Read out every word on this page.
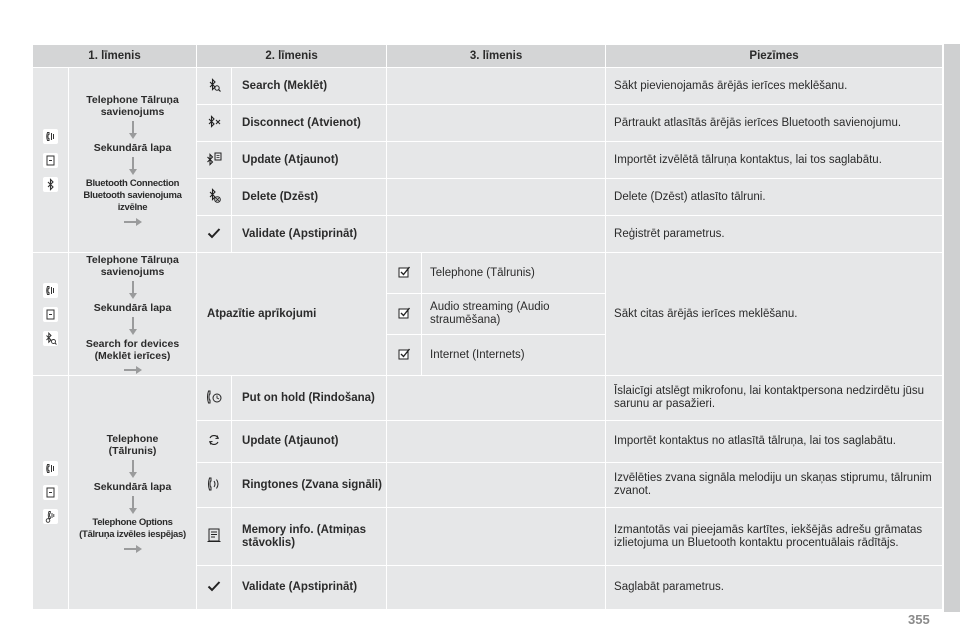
1. līmenis		2. līmenis		3. līmenis		Piezīmes

Telephone Tālruņa savienojums
Sekundārā lapa
Bluetooth Connection
Bluetooth savienojuma izvēlne		Search (Meklēt)			Sākt pievienojamās ārējās ierīces meklēšanu.
	Disconnect (Atvienot)			Pārtraukt atlasītās ārējās ierīces Bluetooth savienojumu.
	Update (Atjaunot)			Importēt izvēlētā tālruņa kontaktus, lai tos saglabātu.
	Delete (Dzēst)			Delete (Dzēst) atlasīto tālruni.
	Validate (Apstiprināt)			Reģistrēt parametrus.

Telephone Tālruņa savienojums
Sekundārā lapa
Search for devices (Meklēt ierīces)	Atpazītie aprīkojumi			Telephone (Tālrunis)	Sākt citas ārējās ierīces meklēšanu.
	Audio streaming (Audio straumēšana)	
	Internet (Internets)	

Telephone (Tālrunis)
Sekundārā lapa
Telephone Options
(Tālruņa izvēles iespējas)		Put on hold (Rindošana)			Īslaicīgi atslēgt mikrofonu, lai kontaktpersona nedzirdētu jūsu sarunu ar pasažieri.
	Update (Atjaunot)			Importēt kontaktus no atlasītā tālruņa, lai tos saglabātu.
	Ringtones (Zvana signāli)			Izvēlēties zvana signāla melodiju un skaņas stiprumu, tālrunim zvanot.
	Memory info. (Atmiņas stāvoklis)			Izmantotās vai pieejamās kartītes, iekšējās adrešu grāmatas izlietojuma un Bluetooth kontaktu procentuālais rādītājs.
	Validate (Apstiprināt)			Saglabāt parametrus.
355
